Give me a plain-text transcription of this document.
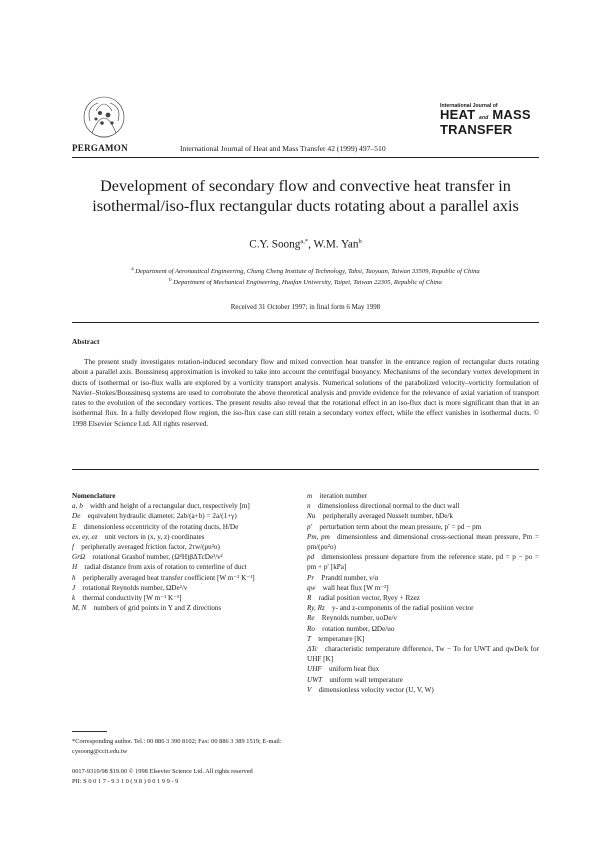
PERGAMON	International Journal of Heat and Mass Transfer 42 (1999) 497–510
International Journal of
HEAT and MASS
TRANSFER
Development of secondary flow and convective heat transfer in isothermal/iso-flux rectangular ducts rotating about a parallel axis
C.Y. Soong$^{a,*}$, W.M. Yan$^b$
$^a$ Department of Aeronautical Engineering, Chung Cheng Institute of Technology, Tahsi, Taoyuan, Taiwan 33509, Republic of China
$^b$ Department of Mechanical Engineering, Huafan University, Taipei, Taiwan 22305, Republic of China
Received 31 October 1997; in final form 6 May 1998
Abstract
The present study investigates rotation-induced secondary flow and mixed convection heat transfer in the entrance region of rectangular ducts rotating about a parallel axis. Boussinesq approximation is invoked to take into account the centrifugal buoyancy. Mechanisms of the secondary vortex development in ducts of isothermal or iso-flux walls are explored by a vorticity transport analysis. Numerical solutions of the parabolized velocity–vorticity formulation of Navier–Stokes/Boussinesq systems are used to corroborate the above theoretical analysis and provide evidence for the relevance of axial variation of transport rates to the evolution of the secondary vortices. The present results also reveal that the rotational effect in an iso-flux duct is more significant than that in an isothermal flux. In a fully developed flow region, the iso-flux case can still retain a secondary vortex effect, while the effect vanishes in isothermal ducts. © 1998 Elsevier Science Ltd. All rights reserved.
Nomenclature
a, b  width and height of a rectangular duct, respectively [m]
De  equivalent hydraulic diameter, 2ab/(a+b) = 2a/(1+γ)
E  dimensionless eccentricity of the rotating ducts, H/De
ex, ey, ez  unit vectors in (x, y, z) coordinates
f  peripherally averaged friction factor, 2τw/(ρu²o)
GrΩ  rotational Grashof number, (Ω²H)βΔTcDe³/ν²
H  radial distance from axis of rotation to centerline of duct
h  peripherally averaged heat transfer coefficient [W m⁻² K⁻¹]
J  rotational Reynolds number, ΩDe²/ν
k  thermal conductivity [W m⁻¹ K⁻¹]
M, N  numbers of grid points in Y and Z directions
m  iteration number
n  dimensionless directional normal to the duct wall
Nu  peripherally averaged Nusselt number, hDe/k
p′  perturbation term about the mean pressure, p′ = pd − pm
Pm, pm  dimensionless and dimensional cross-sectional mean pressure, Pm = pm/(ρu²o)
pd  dimensionless pressure departure from the reference state, pd = p − po = pm + p′ [kPa]
Pr  Prandtl number, ν/α
qw  wall heat flux [W m⁻²]
R  radial position vector, Ryey + Rzez
Ry, Rz  y- and z-components of the radial position vector
Re  Reynolds number, uoDe/ν
Ro  rotation number, ΩDe/uo
T  temperature [K]
ΔTc  characteristic temperature difference, Tw − To for UWT and qwDe/k for UHF [K]
UHF  uniform heat flux
UWT  uniform wall temperature
V  dimensionless velocity vector (U, V, W)
*Corresponding author. Tel.: 00 886 3 390 8102; Fax: 00 886 3 389 1519; E-mail: cysoong@ccit.edu.tw
0017-9310/98 $19.00 © 1998 Elsevier Science Ltd. All rights reserved
PII: S 0 0 1 7 - 9 3 1 0 ( 9 8 ) 0 0 1 9 9 - 9
